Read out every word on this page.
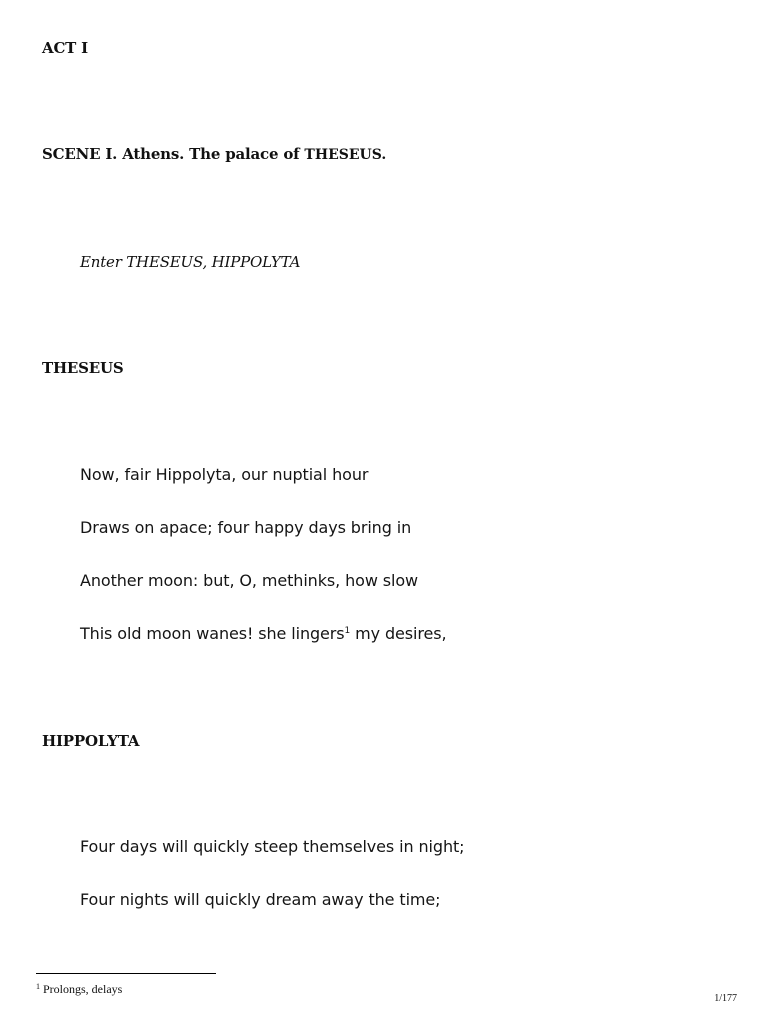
ACT I
SCENE I. Athens. The palace of THESEUS.
Enter THESEUS, HIPPOLYTA
THESEUS
Now, fair Hippolyta, our nuptial hour
Draws on apace; four happy days bring in
Another moon: but, O, methinks, how slow
This old moon wanes! she lingers$^1$ my desires,
HIPPOLYTA
Four days will quickly steep themselves in night;
Four nights will quickly dream away the time;
$^1$ Prolongs, delays
1/177
